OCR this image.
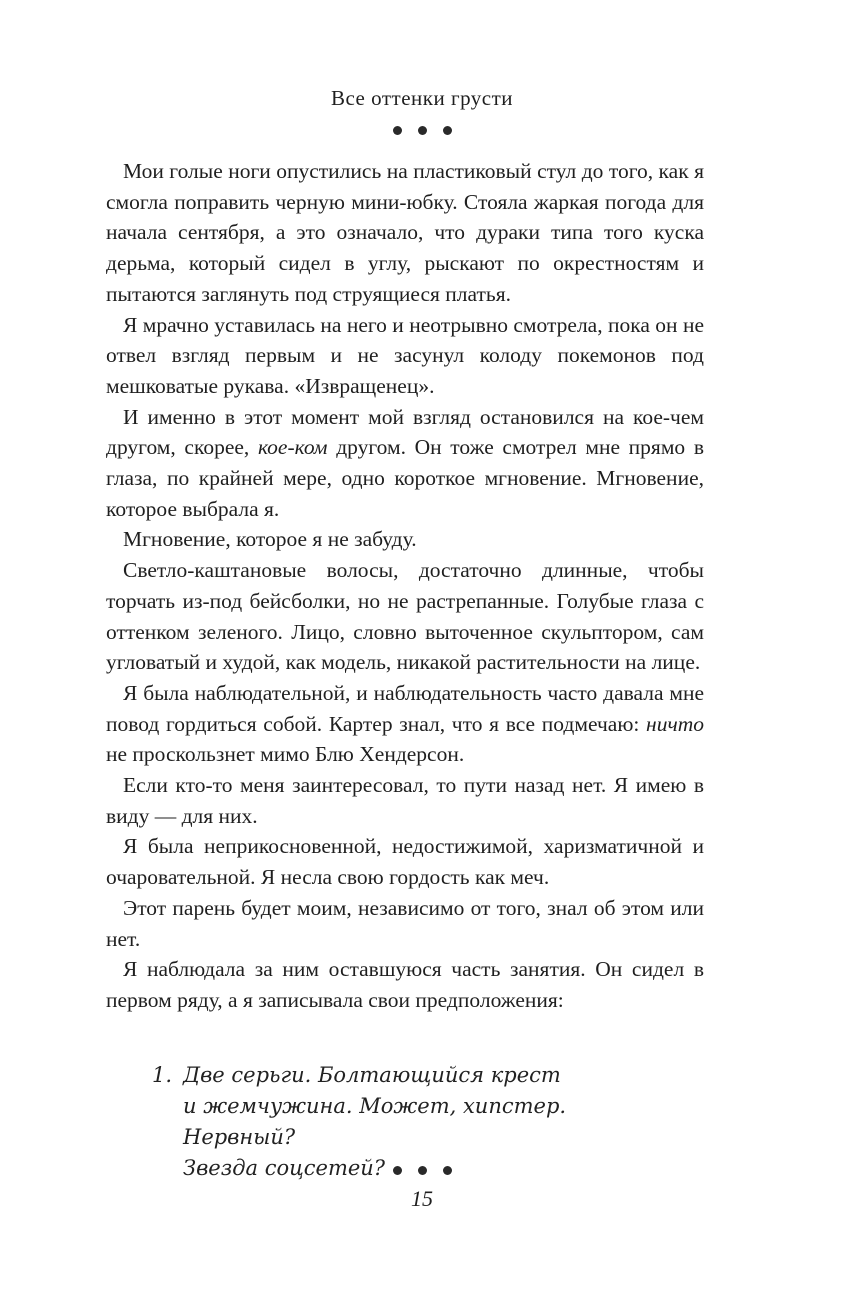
Все оттенки грусти

Мои голые ноги опустились на пластиковый стул до того, как я смогла поправить черную мини-юбку. Стояла жаркая погода для начала сентября, а это означало, что дураки типа того куска дерьма, который сидел в углу, рыскают по окрестностям и пытаются заглянуть под струящиеся платья.

Я мрачно уставилась на него и неотрывно смотрела, пока он не отвел взгляд первым и не засунул колоду покемонов под мешковатые рукава. «Извращенец».

И именно в этот момент мой взгляд остановился на кое-чем другом, скорее, кое-ком другом. Он тоже смотрел мне прямо в глаза, по крайней мере, одно короткое мгновение. Мгновение, которое выбрала я.

Мгновение, которое я не забуду.

Светло-каштановые волосы, достаточно длинные, чтобы торчать из-под бейсболки, но не растрепанные. Голубые глаза с оттенком зеленого. Лицо, словно выточенное скульптором, сам угловатый и худой, как модель, никакой растительности на лице.

Я была наблюдательной, и наблюдательность часто давала мне повод гордиться собой. Картер знал, что я все подмечаю: ничто не проскользнет мимо Блю Хендерсон.

Если кто-то меня заинтересовал, то пути назад нет. Я имею в виду — для них.

Я была неприкосновенной, недостижимой, харизматичной и очаровательной. Я несла свою гордость как меч.

Этот парень будет моим, независимо от того, знал об этом или нет.

Я наблюдала за ним оставшуюся часть занятия. Он сидел в первом ряду, а я записывала свои предположения:

1. Две серьги. Болтающийся крест
и жемчужина. Может, хипстер. Нервный?
Звезда соцсетей?
15
